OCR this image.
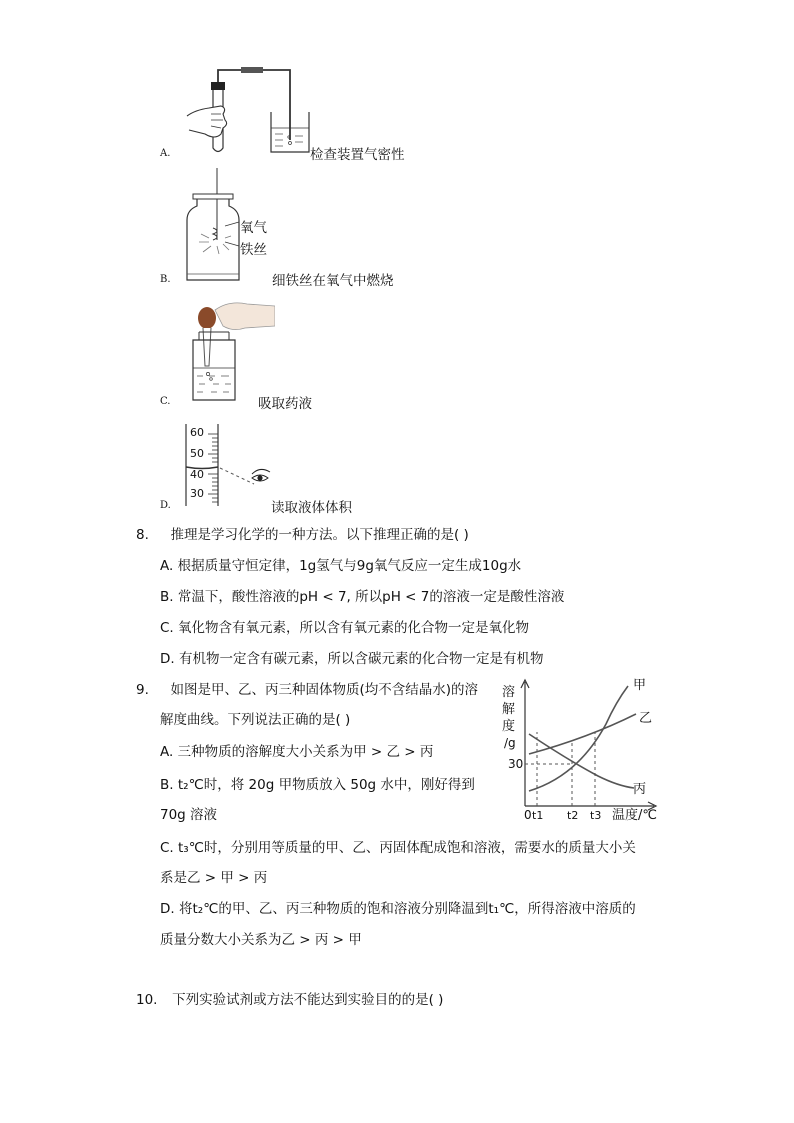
A.	检查装置气密性
氧气
铁丝
B.	细铁丝在氧气中燃烧
C.	吸取药液
60
50
40
30
D.	读取液体体积
8. 推理是学习化学的一种方法。以下推理正确的是( )
A. 根据质量守恒定律，1g氢气与9g氧气反应一定生成10g水
B. 常温下，酸性溶液的pH < 7, 所以pH < 7的溶液一定是酸性溶液
C. 氧化物含有氧元素，所以含有氧元素的化合物一定是氧化物
D. 有机物一定含有碳元素，所以含碳元素的化合物一定是有机物
9. 如图是甲、乙、丙三种固体物质(均不含结晶水)的溶
解度曲线。下列说法正确的是( )
A. 三种物质的溶解度大小关系为甲 > 乙 > 丙
B. t₂℃时，将 20g 甲物质放入 50g 水中，刚好得到
70g 溶液
C. t₃℃时，分别用等质量的甲、乙、丙固体配成饱和溶液，需要水的质量大小关
系是乙 > 甲 > 丙
D. 将t₂℃的甲、乙、丙三种物质的饱和溶液分别降温到t₁℃，所得溶液中溶质的
质量分数大小关系为乙 > 丙 > 甲
溶
解
度
/g
甲
乙
丙
30
0 t1 t2 t3 温度/℃
10. 下列实验试剂或方法不能达到实验目的的是( )
